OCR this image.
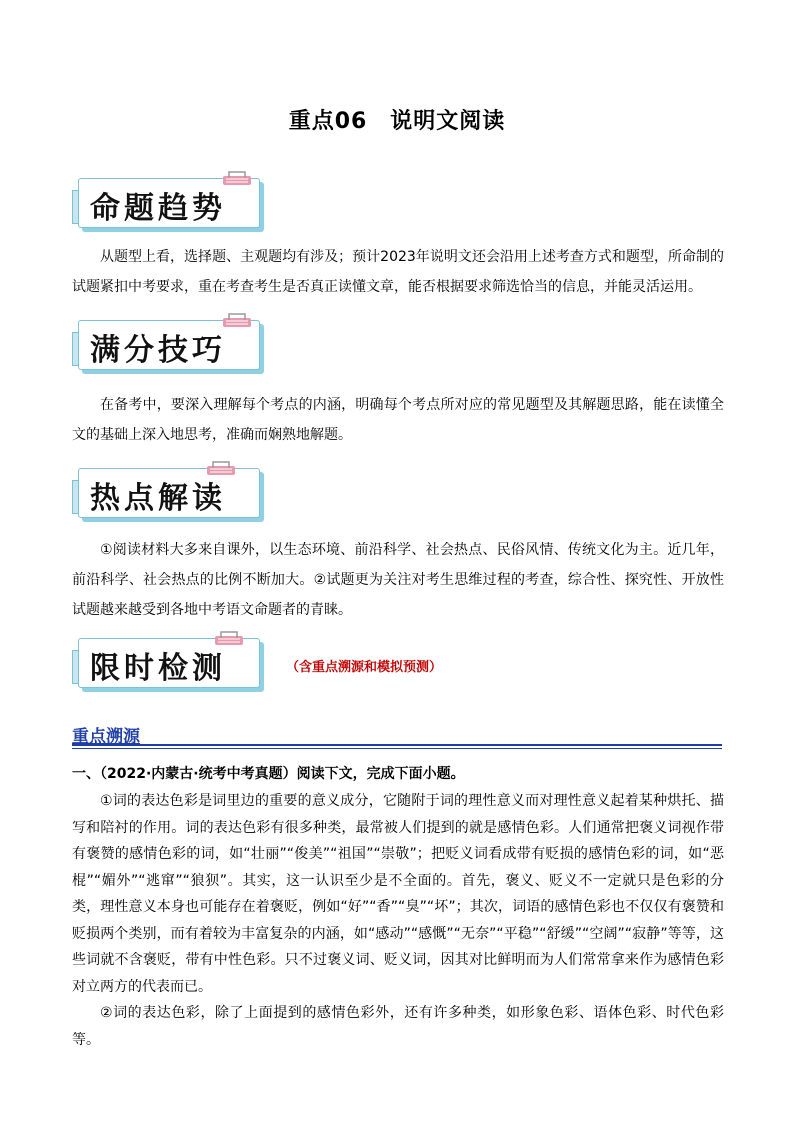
重点06　说明文阅读
命题趋势

从题型上看，选择题、主观题均有涉及；预计2023年说明文还会沿用上述考查方式和题型，所命制的试题紧扣中考要求，重在考查考生是否真正读懂文章，能否根据要求筛选恰当的信息，并能灵活运用。

满分技巧

在备考中，要深入理解每个考点的内涵，明确每个考点所对应的常见题型及其解题思路，能在读懂全文的基础上深入地思考，准确而娴熟地解题。

热点解读

①阅读材料大多来自课外，以生态环境、前沿科学、社会热点、民俗风情、传统文化为主。近几年，前沿科学、社会热点的比例不断加大。②试题更为关注对考生思维过程的考查，综合性、探究性、开放性试题越来越受到各地中考语文命题者的青睐。

限时检测	（含重点溯源和模拟预测）
重点溯源
一、（2022·内蒙古·统考中考真题）阅读下文，完成下面小题。

①词的表达色彩是词里边的重要的意义成分，它随附于词的理性意义而对理性意义起着某种烘托、描写和陪衬的作用。词的表达色彩有很多种类，最常被人们提到的就是感情色彩。人们通常把褒义词视作带有褒赞的感情色彩的词，如“壮丽”“俊美”“祖国”“崇敬”；把贬义词看成带有贬损的感情色彩的词，如“恶棍”“媚外”“逃窜”“狼狈”。其实，这一认识至少是不全面的。首先，褒义、贬义不一定就只是色彩的分类，理性意义本身也可能存在着褒贬，例如“好”“香”“臭”“坏”；其次，词语的感情色彩也不仅仅有褒赞和贬损两个类别，而有着较为丰富复杂的内涵，如“感动”“感慨”“无奈”“平稳”“舒缓”“空阔”“寂静”等等，这些词就不含褒贬，带有中性色彩。只不过褒义词、贬义词，因其对比鲜明而为人们常常拿来作为感情色彩对立两方的代表而已。

②词的表达色彩，除了上面提到的感情色彩外，还有许多种类，如形象色彩、语体色彩、时代色彩等。
